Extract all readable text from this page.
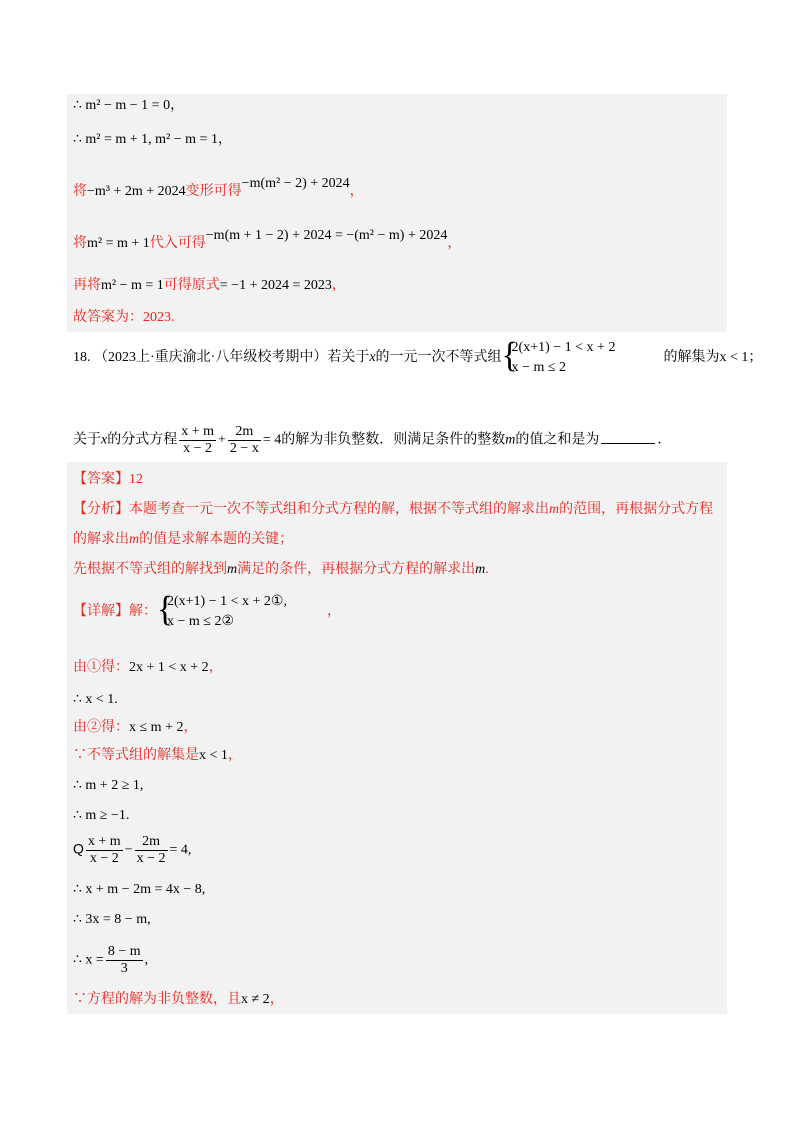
∴ m² − m − 1 = 0，
∴ m² = m + 1, m² − m = 1，
将−m³ + 2m + 2024变形可得−m(m² − 2) + 2024，
将m² = m + 1代入可得−m(m + 1 − 2) + 2024 = −(m² − m) + 2024，
再将m² − m = 1可得原式= −1 + 2024 = 2023，
故答案为：2023.
18. （2023上·重庆渝北·八年级校考期中）若关于x的一元一次不等式组 {
2(x+1) − 1 < x + 2
x − m ≤ 2
的解集为x < 1；
关于x的分式方程 $\frac{x + m}{x - 2} + \frac{2m}{2 - x} = 4$的解为非负整数．则满足条件的整数m的值之和是为	．
【答案】12
【分析】本题考查一元一次不等式组和分式方程的解，根据不等式组的解求出m的范围，再根据分式方程
的解求出m的值是求解本题的关键；
先根据不等式组的解找到m满足的条件，再根据分式方程的解求出m.
【详解】解： {
2(x+1) − 1 < x + 2①,
x − m ≤ 2②
，
由①得：2x + 1 < x + 2，
∴ x < 1.
由②得：x ≤ m + 2，
∵不等式组的解集是x < 1，
∴ m + 2 ≥ 1,
∴ m ≥ −1.
Q $\frac{x + m}{x - 2} - \frac{2m}{x - 2} = 4$,
∴ x + m − 2m = 4x − 8,
∴ 3x = 8 − m,
∴ $x = \frac{8 - m}{3}$ ,
∵方程的解为非负整数，且x ≠ 2，
